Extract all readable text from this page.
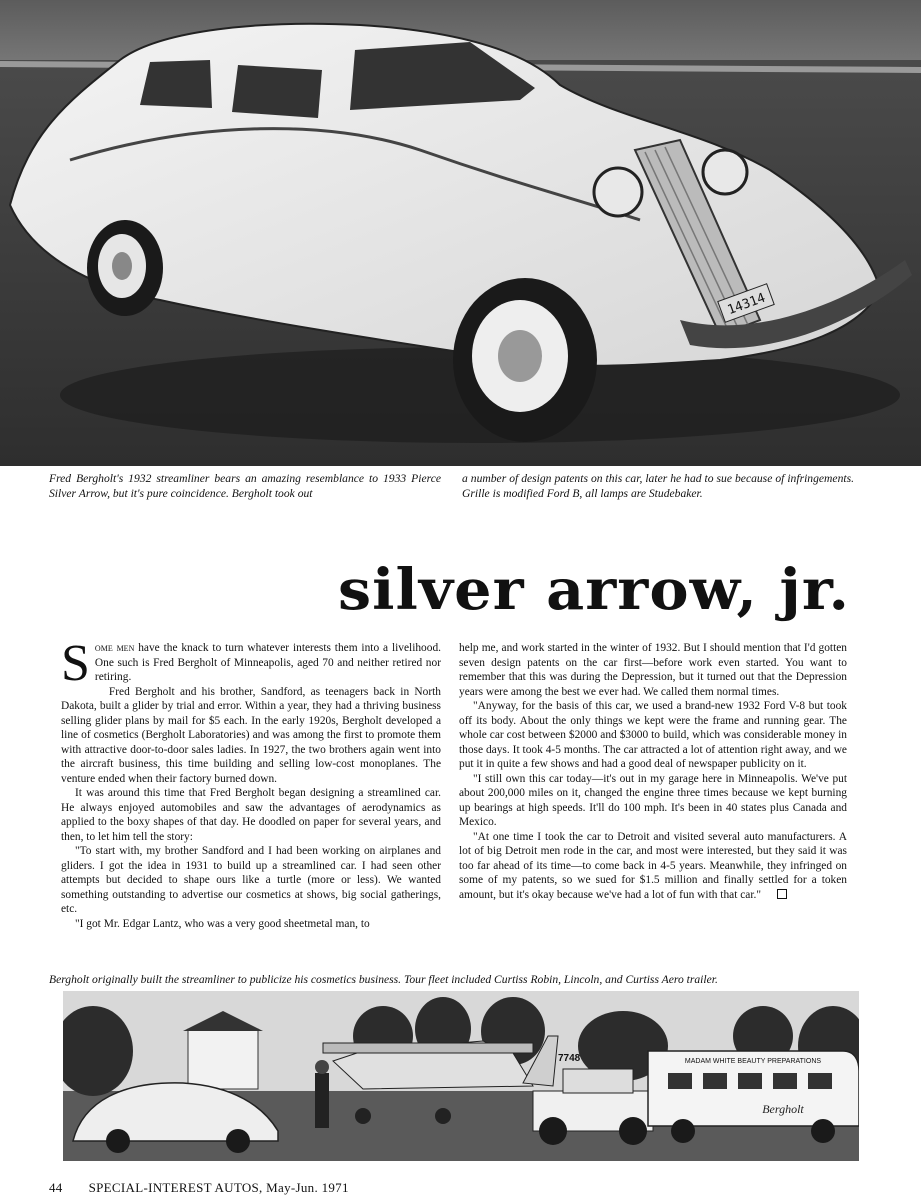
14314
Fred Bergholt's 1932 streamliner bears an amazing resemblance to 1933 Pierce Silver Arrow, but it's pure coincidence. Bergholt took out
a number of design patents on this car, later he had to sue because of infringements. Grille is modified Ford B, all lamps are Studebaker.
silver arrow, jr.

Some men have the knack to turn whatever interests them into a livelihood. One such is Fred Bergholt of Minneapolis, aged 70 and neither retired nor retiring.

Fred Bergholt and his brother, Sandford, as teenagers back in North Dakota, built a glider by trial and error. Within a year, they had a thriving business selling glider plans by mail for $5 each. In the early 1920s, Bergholt developed a line of cosmetics (Bergholt Laboratories) and was among the first to promote them with attractive door-to-door sales ladies. In 1927, the two brothers again went into the aircraft business, this time building and selling low-cost monoplanes. The venture ended when their factory burned down.

It was around this time that Fred Bergholt began designing a streamlined car. He always enjoyed automobiles and saw the advantages of aerodynamics as applied to the boxy shapes of that day. He doodled on paper for several years, and then, to let him tell the story:

"To start with, my brother Sandford and I had been working on airplanes and gliders. I got the idea in 1931 to build up a streamlined car. I had seen other attempts but decided to shape ours like a turtle (more or less). We wanted something outstanding to advertise our cosmetics at shows, big social gatherings, etc.

"I got Mr. Edgar Lantz, who was a very good sheetmetal man, to

help me, and work started in the winter of 1932. But I should mention that I'd gotten seven design patents on the car first—before work even started. You want to remember that this was during the Depression, but it turned out that the Depression years were among the best we ever had. We called them normal times.

"Anyway, for the basis of this car, we used a brand-new 1932 Ford V-8 but took off its body. About the only things we kept were the frame and running gear. The whole car cost between $2000 and $3000 to build, which was considerable money in those days. It took 4-5 months. The car attracted a lot of attention right away, and we put it in quite a few shows and had a good deal of newspaper publicity on it.

"I still own this car today—it's out in my garage here in Minneapolis. We've put about 200,000 miles on it, changed the engine three times because we kept burning up bearings at high speeds. It'll do 100 mph. It's been in 40 states plus Canada and Mexico.

"At one time I took the car to Detroit and visited several auto manufacturers. A lot of big Detroit men rode in the car, and most were interested, but they said it was too far ahead of its time—to come back in 4-5 years. Meanwhile, they infringed on some of my patents, so we sued for $1.5 million and finally settled for a token amount, but it's okay because we've had a lot of fun with that car."

Bergholt originally built the streamliner to publicize his cosmetics business. Tour fleet included Curtiss Robin, Lincoln, and Curtiss Aero trailer.
7748	MADAM WHITE BEAUTY PREPARATIONS
Bergholt
44 SPECIAL-INTEREST AUTOS, May-Jun. 1971
